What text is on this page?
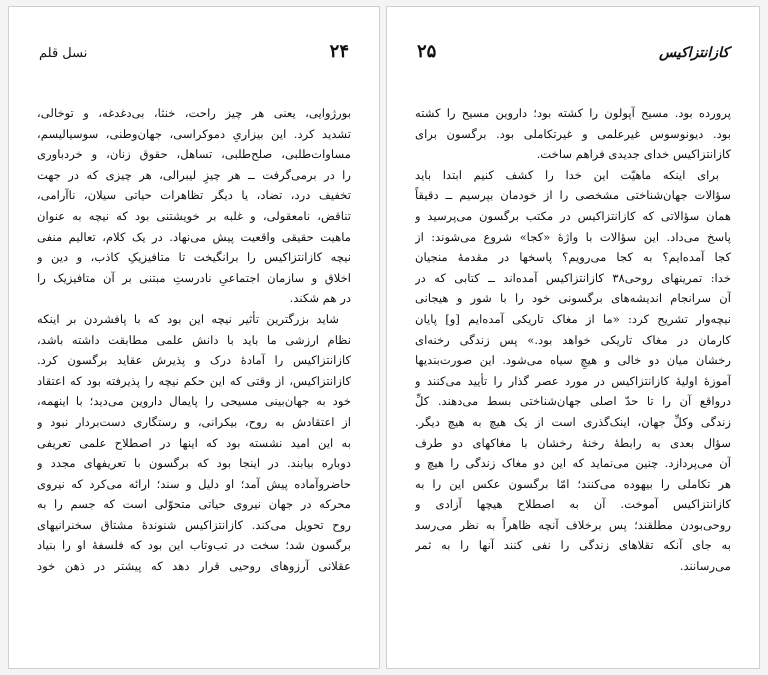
۲۴
نسل قلم
بورژوایی، یعنی هر چیز راحت، خنثا، بی‌دغدغه، و توخالی،
تشدید کرد. این بیزاریِ دموکراسی، جهان‌وطنی، سوسیالیسم،
مساوات‌طلبی، صلح‌طلبی، تساهل، حقوق زنان، و خردباوری
را در برمی‌گرفت ــ هر چیزِ لیبرالی، هر چیزی که در جهت
تخفیف درد، تضاد، یا دیگر تظاهرات حیاتی سیلان، ناآرامی،
تناقض، نامعقولی، و غلبه بر خویشتنی بود که نیچه به عنوان
ماهیت حقیقی واقعیت پیش می‌نهاد. در یک کلام، تعالیم منفی
نیچه کازانتزاکیس را برانگیخت تا متافیزیکِ کاذب، و دین و
اخلاق و سازمان اجتماعیِ نادرستِ مبتنی بر آن متافیزیک را
در هم شکند.
شاید بزرگترین تأثیر نیچه این بود که با پافشردن بر اینکه
نظام ارزشی ما باید با دانش علمی مطابقت داشته باشد،
کازانتزاکیس را آمادهٔ درک و پذیرش عقاید برگسون کرد.
کازانتزاکیس، از وقتی که این حکم نیچه را پذیرفته بود که اعتقاد
خود به جهان‌بینی مسیحی را پایمال داروین می‌دید؛ با اینهمه،
از اعتقادش به روح، بیکرانی، و رستگاری دست‌بردار نبود و
به این امید نشسته بود که اینها در اصطلاح علمی تعریفی
دوباره بیابند. در اینجا بود که برگسون با تعریفهای مجدد و
حاضروآماده پیش آمد؛ او دلیل و سند؛ ارائه می‌کرد که نیروی
محرکه در جهان نیروی حیاتی متحوّلی است که جسم را به
روح تحویل می‌کند. کازانتزاکیس شنوندهٔ مشتاق سخنرانیهای
برگسون شد؛ سخت در تب‌وتاب این بود که فلسفهٔ او را بنیاد
عقلانی آرزوهای روحیی قرار دهد که پیشتر در ذهن خود
کازانتزاکیس
۲۵
پرورده بود. مسیح آپولون را کشته بود؛ داروین مسیح را کشته
بود. دیونوسوس غیرعلمی و غیرتکاملی بود. برگسون برای
کازانتزاکیس خدای جدیدی فراهم ساخت.
برای اینکه ماهیّت این خدا را کشف کنیم ابتدا باید
سؤالات جهان‌شناختی مشخصی را از خودمان بپرسیم ــ دقیقاً
همان سؤالاتی که کازانتزاکیس در مکتب برگسون می‌پرسید و
پاسخ می‌داد. این سؤالات با واژهٔ «کجا» شروع می‌شوند: از
کجا آمده‌ایم؟ به کجا می‌رویم؟ پاسخها در مقدمهٔ منجیان
خدا: تمرینهای روحی۳۸ کازانتزاکیس آمده‌اند ــ کتابی که در
آن سرانجام اندیشه‌های برگسونی خود را با شور و هیجانی
نیچه‌وار تشریح کرد: «ما از مغاک تاریکی آمده‌ایم [و] پایان
کارمان در مغاک تاریکی خواهد بود.» پس زندگی رخنه‌ای
رخشان میان دو خالی و هیچِ سیاه می‌شود. این صورت‌بندیها
آموزهٔ اولیهٔ کازانتزاکیس در مورد عصر گذار را تأیید می‌کنند و
درواقع آن را تا حدّ اصلی جهان‌شناختی بسط می‌دهند. کلِّ
زندگی وکلِّ جهان، اینک‌گذری است از یک هیچ به هیچ دیگر.
سؤال بعدی به رابطهٔ رخنهٔ رخشان با مغاکهای دو طرف
آن می‌پردازد. چنین می‌نماید که این دو مغاک زندگی را هیچ و
هر تکاملی را بیهوده می‌کنند؛ امّا برگسون عکس این را به
کازانتزاکیس آموخت. آن به اصطلاح هیچها آزادی و
روحی‌بودن مطلقند؛ پس برخلاف آنچه ظاهراً به نظر می‌رسد
به جای آنکه تقلاهای زندگی را نفی کنند آنها را به ثمر
می‌رسانند.
